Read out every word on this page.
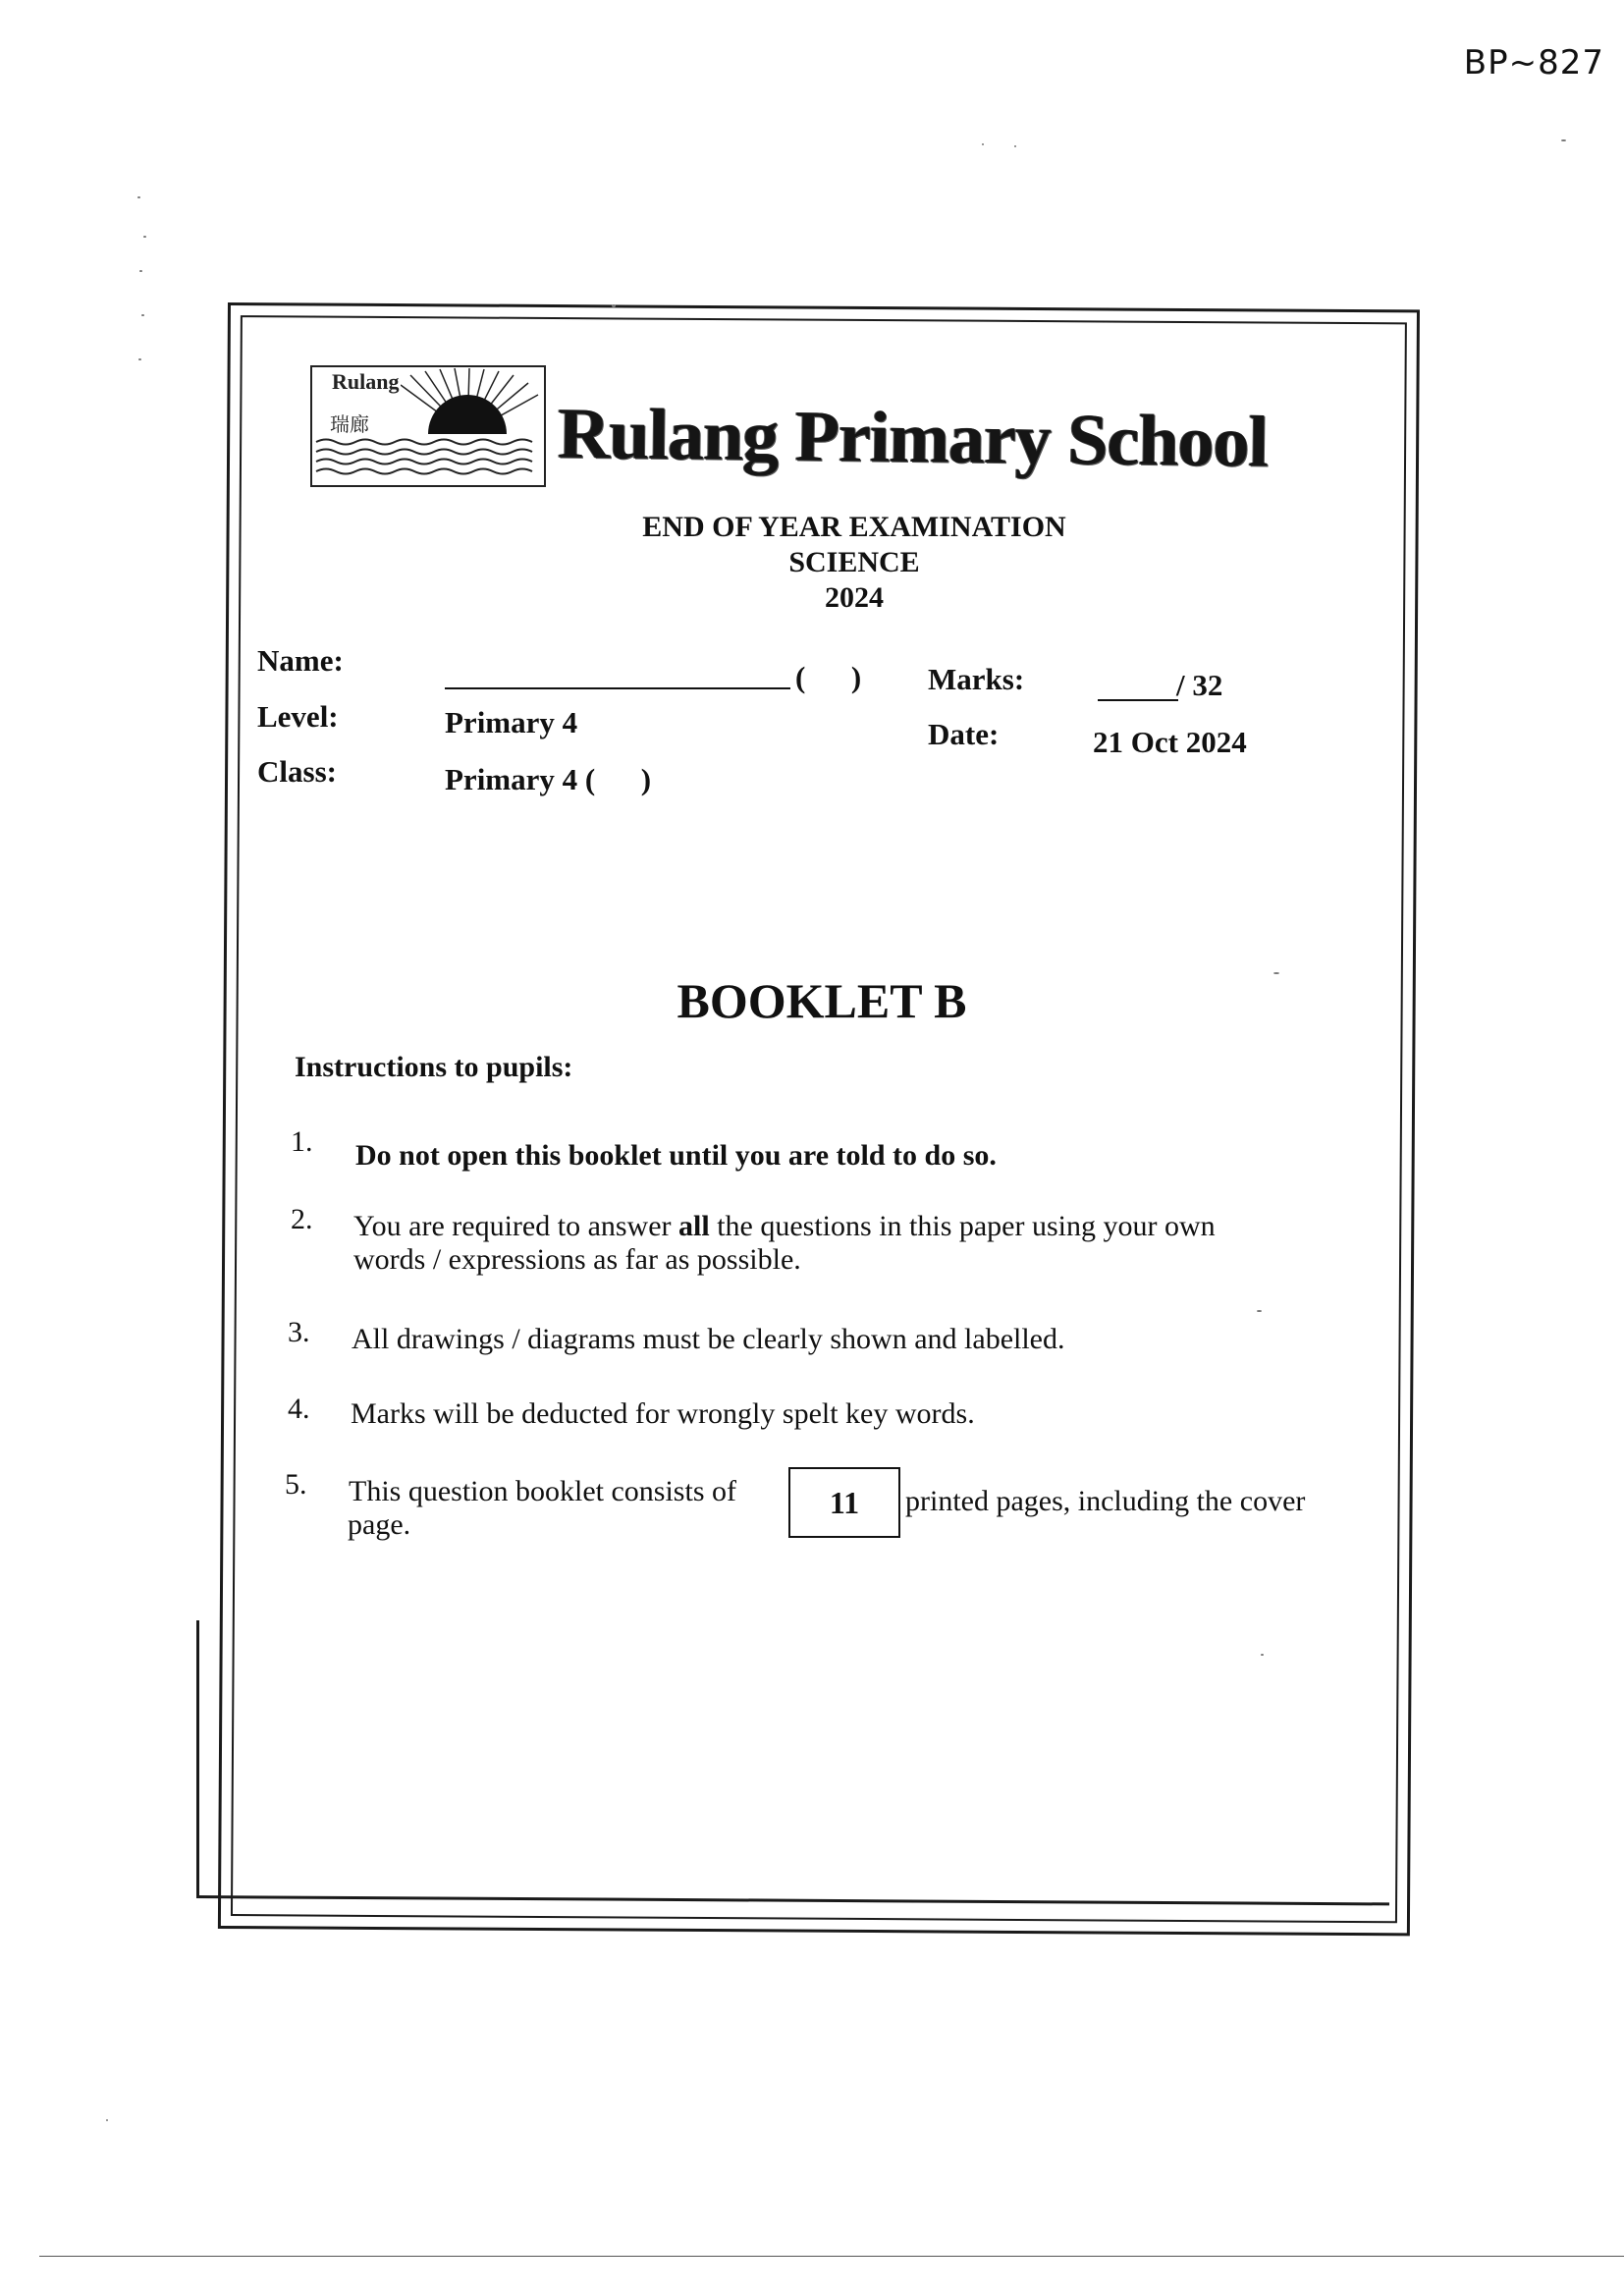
BP~827
Rulang
瑞廊	Rulang Primary School
END OF YEAR EXAMINATION
SCIENCE
2024
Name:	(      ) Marks:	/ 32
Level:	Primary 4	Date:	21 Oct 2024
Class:	Primary 4 (      )
BOOKLET B
Instructions to pupils:
1. Do not open this booklet until you are told to do so.
2. You are required to answer all the questions in this paper using your own
words / expressions as far as possible.
3. All drawings / diagrams must be clearly shown and labelled.
4. Marks will be deducted for wrongly spelt key words.
5. This question booklet consists of	11	printed pages, including the cover
page.
